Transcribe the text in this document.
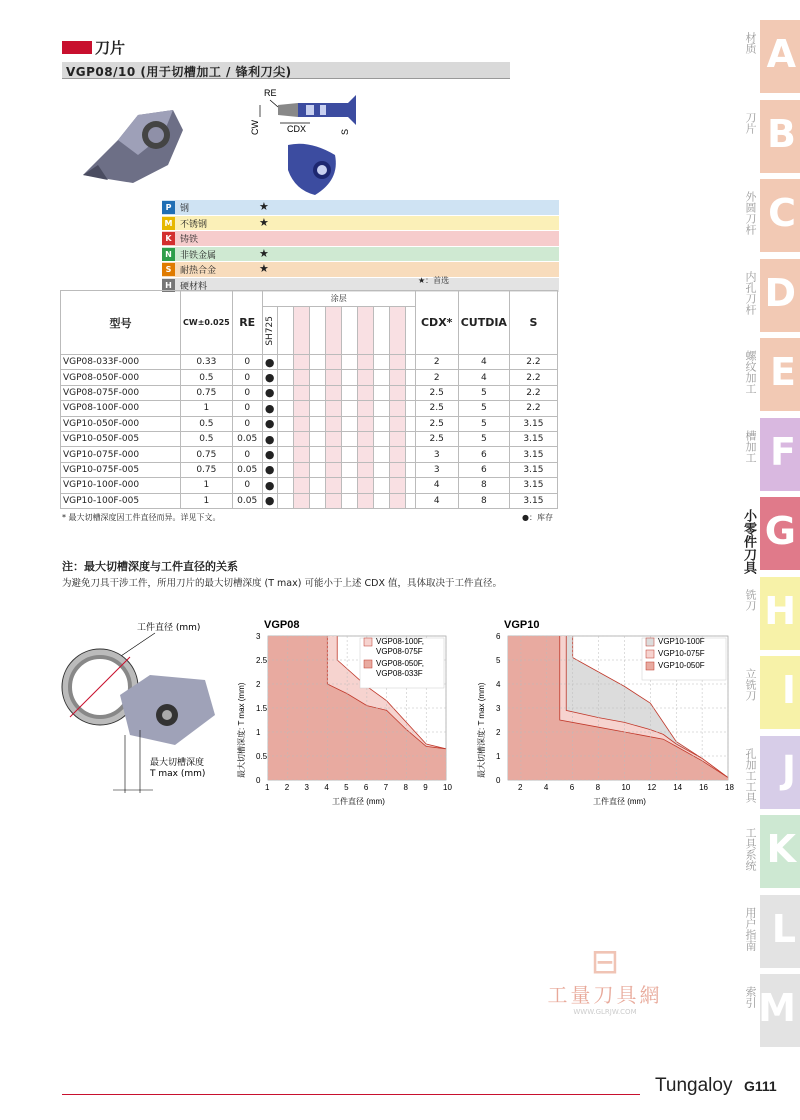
刀片
VGP08/10 (用于切槽加工 / 锋利刀尖)
RE
CW	CDX	S
P 钢	★
M 不锈钢	★
K 铸铁
N 非铁金属	★
S 耐热合金	★
H 硬材料
★：首选
型号	CW±0.025	RE	涂层										CDX*	CUTDIA	S

			SH725												

VGP08-033F-000	0.33	0	●										2	4	2.2
VGP08-050F-000	0.5	0	●										2	4	2.2
VGP08-075F-000	0.75	0	●										2.5	5	2.2
VGP08-100F-000	1	0	●										2.5	5	2.2
VGP10-050F-000	0.5	0	●										2.5	5	3.15
VGP10-050F-005	0.5	0.05	●										2.5	5	3.15
VGP10-075F-000	0.75	0	●										3	6	3.15
VGP10-075F-005	0.75	0.05	●										3	6	3.15
VGP10-100F-000	1	0	●										4	8	3.15
VGP10-100F-005	1	0.05	●										4	8	3.15
* 最大切槽深度因工件直径而异。详见下文。	●：库存
注：最大切槽深度与工件直径的关系
为避免刀具干涉工件，所用刀片的最大切槽深度 (T max) 可能小于上述 CDX 值，具体取决于工件直径。
工件直径 (mm)
最大切槽深度
T max (mm)
VGP08
1 2 3 4 5 6 7 8 9 10
0
0.5
1
1.5
2
2.5
3
工件直径 (mm)
最大切槽深度: T max (mm)
VGP08-100F,
VGP08-075F
VGP08-050F,
VGP08-033F
VGP10
2	4	6	8	10 12 14 16 18
0
1
2
3
4
5
6
工件直径 (mm)
最大切槽深度: T max (mm)
VGP10-100F
VGP10-075F
VGP10-050F
⊟
工量刀具網
WWW.GLRJW.COM
A
材质
B
刀片
C
外圆刀杆
D
内孔刀杆
E
螺纹加工
F
槽加工
G
小零件刀具
H
铣刀
I
立铣刀
J
孔加工工具
K
工具系统
L
用户指南
M
索引
Tungaloy G111
